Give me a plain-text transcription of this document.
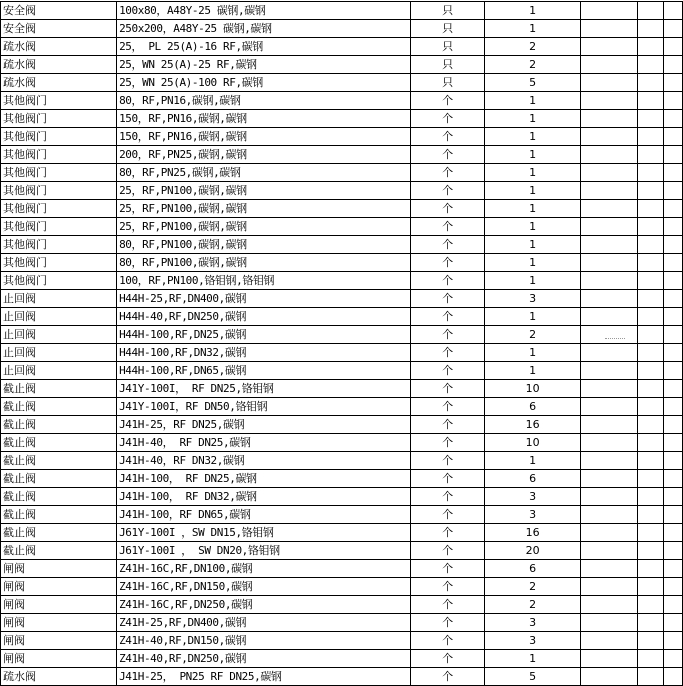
安全阀	100x80，A48Y-25 碳钢,碳钢	只	1			
安全阀	250x200，A48Y-25 碳钢,碳钢	只	1			
疏水阀	25， PL 25(A)-16 RF,碳钢	只	2			
疏水阀	25，WN 25(A)-25 RF,碳钢	只	2			
疏水阀	25，WN 25(A)-100 RF,碳钢	只	5			
其他阀门	80，RF,PN16,碳钢,碳钢	个	1			
其他阀门	150，RF,PN16,碳钢,碳钢	个	1			
其他阀门	150，RF,PN16,碳钢,碳钢	个	1			
其他阀门	200，RF,PN25,碳钢,碳钢	个	1			
其他阀门	80，RF,PN25,碳钢,碳钢	个	1			
其他阀门	25，RF,PN100,碳钢,碳钢	个	1			
其他阀门	25，RF,PN100,碳钢,碳钢	个	1			
其他阀门	25，RF,PN100,碳钢,碳钢	个	1			
其他阀门	80，RF,PN100,碳钢,碳钢	个	1			
其他阀门	80，RF,PN100,碳钢,碳钢	个	1			
其他阀门	100，RF,PN100,铬钼钢,铬钼钢	个	1			
止回阀	H44H-25,RF,DN400,碳钢	个	3			
止回阀	H44H-40,RF,DN250,碳钢	个	1			
止回阀	H44H-100,RF,DN25,碳钢	个	2			
止回阀	H44H-100,RF,DN32,碳钢	个	1			
止回阀	H44H-100,RF,DN65,碳钢	个	1			
截止阀	J41Y-100I， RF DN25,铬钼钢	个	10			
截止阀	J41Y-100I，RF DN50,铬钼钢	个	6			
截止阀	J41H-25，RF DN25,碳钢	个	16			
截止阀	J41H-40， RF DN25,碳钢	个	10			
截止阀	J41H-40，RF DN32,碳钢	个	1			
截止阀	J41H-100， RF DN25,碳钢	个	6			
截止阀	J41H-100， RF DN32,碳钢	个	3			
截止阀	J41H-100，RF DN65,碳钢	个	3			
截止阀	J61Y-100I ，SW DN15,铬钼钢	个	16			
截止阀	J61Y-100I ， SW DN20,铬钼钢	个	20			
闸阀	Z41H-16C,RF,DN100,碳钢	个	6			
闸阀	Z41H-16C,RF,DN150,碳钢	个	2			
闸阀	Z41H-16C,RF,DN250,碳钢	个	2			
闸阀	Z41H-25,RF,DN400,碳钢	个	3			
闸阀	Z41H-40,RF,DN150,碳钢	个	3			
闸阀	Z41H-40,RF,DN250,碳钢	个	1			
疏水阀	J41H-25， PN25 RF DN25,碳钢	个	5			
